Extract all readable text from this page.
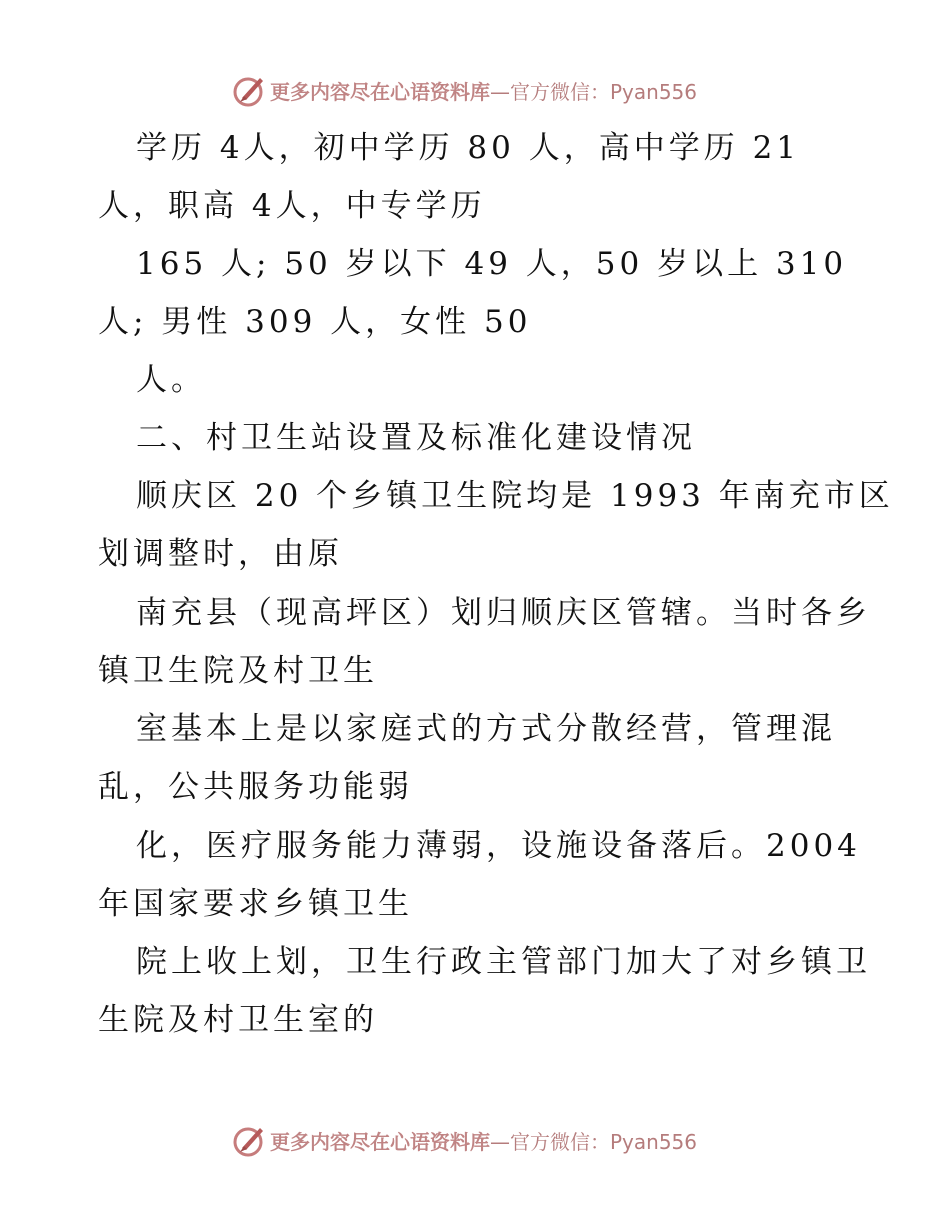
更多内容尽在心语资料库—官方微信：Pyan556
学历 4人，初中学历 80 人，高中学历 21
人，职高 4人，中专学历
165 人; 50 岁以下 49 人，50 岁以上 310
人; 男性 309 人，女性 50
人。
二、村卫生站设置及标准化建设情况
顺庆区 20 个乡镇卫生院均是 1993 年南充市区
划调整时，由原
南充县（现高坪区）划归顺庆区管辖。当时各乡
镇卫生院及村卫生
室基本上是以家庭式的方式分散经营，管理混
乱，公共服务功能弱
化，医疗服务能力薄弱，设施设备落后。2004
年国家要求乡镇卫生
院上收上划，卫生行政主管部门加大了对乡镇卫
生院及村卫生室的
更多内容尽在心语资料库—官方微信：Pyan556
